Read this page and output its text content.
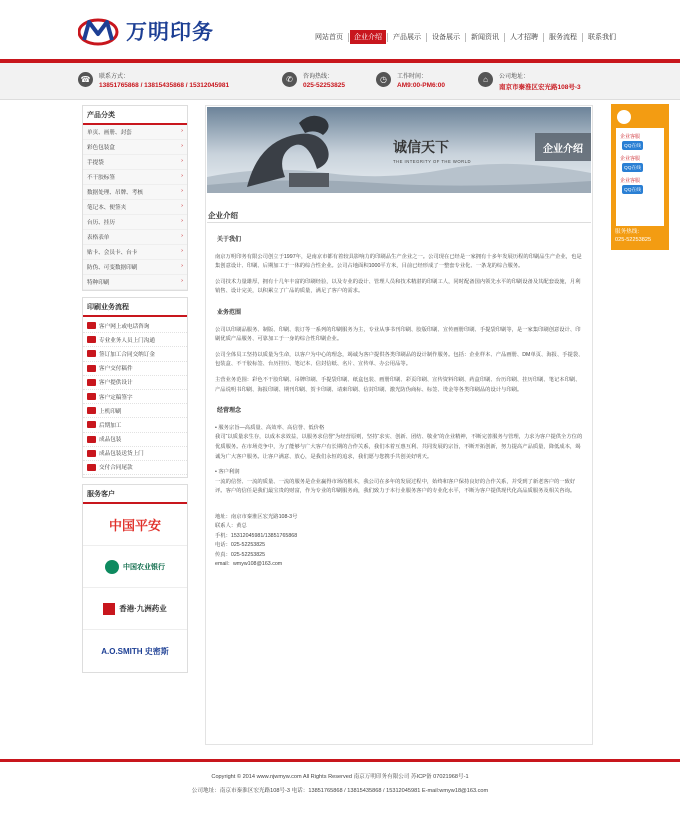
万明印务	网站首页	企业介绍	产品展示	设备展示	新闻资讯	人才招聘	服务流程	联系我们
☎	联系方式：
13851765868 / 13815435868 / 15312045981
✆	咨询热线：
025-52253825
◷	工作时间：
AM9:00-PM6:00
⌂	公司地址：
南京市秦淮区宏光路108号-3
产品分类
单页、画册、封套	›
彩色包装盒	›
手提袋	›
不干胶标签	›
数据处理、吊牌、考核	›
笔记本、便签夹	›
台历、挂历	›
表格表单	›
贴卡、会员卡、台卡	›
防伪、可变数据印刷	›
特种印刷	›
印刷业务流程
客户网上或电话咨询
专业业务人员上门沟通
签订加工合同交纳订金
客户交付稿件
客户提供设计
客户定稿签字
上机印刷
后期加工
成品包装
成品包装送货上门
交付合同尾款
服务客户
中国平安
中国农业银行
香港·九洲药业
A.O.SMITH 史密斯
诚信天下
THE INTEGRITY OF THE WORLD
企业介绍
企业介绍
关于我们
南京万明印务有限公司创立于1997年，是南京市都有着较具影响力的印刷品生产企业之一。公司现在已经是一家拥有十多年发展历程的印刷品生产企业，也是集创意设计、印刷、后期加工于一体的综合性企业。公司占地面积1000平方米，目前已经形成了一整套专业化、一条龙的综合服务。
公司技术力量雄厚，拥有十几年丰富的印刷经验，以及专业的设计、管理人员和技术精湛的印刷工人，同时配备国内领先水平的印刷设备及其配套设施，月利销售、设计完美，以积累立了广品的质量，满足了客户的需求。
业务范围
公司以印刷品服务、制版、印刷、装订等一系列的印刷服务为主，专业从事书刊印刷、胶版印刷、宣传画册印刷、手提袋印刷等，是一家集印刷创意设计、印刷优质产品服务、可靠加工于一身的综合性印刷企业。
公司全体员工坚持以质量为生命，以客户为中心的理念，竭诚为客户提供各类印刷品的设计制作服务。包括：企业样本、产品画册、DM单页、海报、手提袋、包装盒、不干胶标签、台历挂历、笔记本、信封信纸、名片、宣传单、办公用品等。
主营业务范围：彩色不干胶印刷、吊牌印刷、手提袋印刷、纸盒包装、画册印刷、彩页印刷、宣传资料印刷、药盒印刷、台历印刷、挂历印刷、笔记本印刷、产品说明书印刷、海报印刷、期刊印刷、贺卡印刷、请柬印刷、信封印刷、激光防伪商标、标签、烫金等各类印刷品的设计与印刷。
经营理念
• 服务宗旨—高质量、高效率、高信誉、低价格
我司“以质量求生存，以成本求效益，以服务求信誉”为经营原则，坚持“求实、创新、团结、敬业”的企业精神，不断完善服务与管理，力求为客户提供全方位的优质服务。在市场竞争中，为了能够与广大客户有长期的合作关系，我们本着互惠互利、共同发展的宗旨，不断开拓创新，努力提高产品质量，降低成本，竭诚为广大客户服务。让客户满意、放心，是我们永恒的追求，我们愿与您携手共创美好明天。
• 客户利润
一流的信誉、一流的质量、一流的服务是企业赢得市场的根本，我公司在多年的发展过程中，始终和客户保持良好的合作关系，并受到了新老客户的一致好评。客户的信任是我们最宝贵的财富，作为专业的印刷服务商，我们致力于本行业服务客户的专业化水平，不断为客户提供现代化高品质服务及相关咨询。
地址：南京市秦淮区宏光路108-3号
联系人：黄总
手机：15312045981/13851765868
电话：025-52253825
传真：025-52253825
email：wmyw108@163.com
企业客服
QQ在线
企业客服
QQ在线
企业客服
QQ在线
服务热线：
025-52253825
Copyright © 2014 www.njwmyw.com All Rights Reserved 南京万明印务有限公司 苏ICP备 07021968号-1
公司地址：南京市秦淮区宏光路108号-3 电话：13851765868 / 13815435868 / 15312045981 E-mail:wmyw18@163.com
